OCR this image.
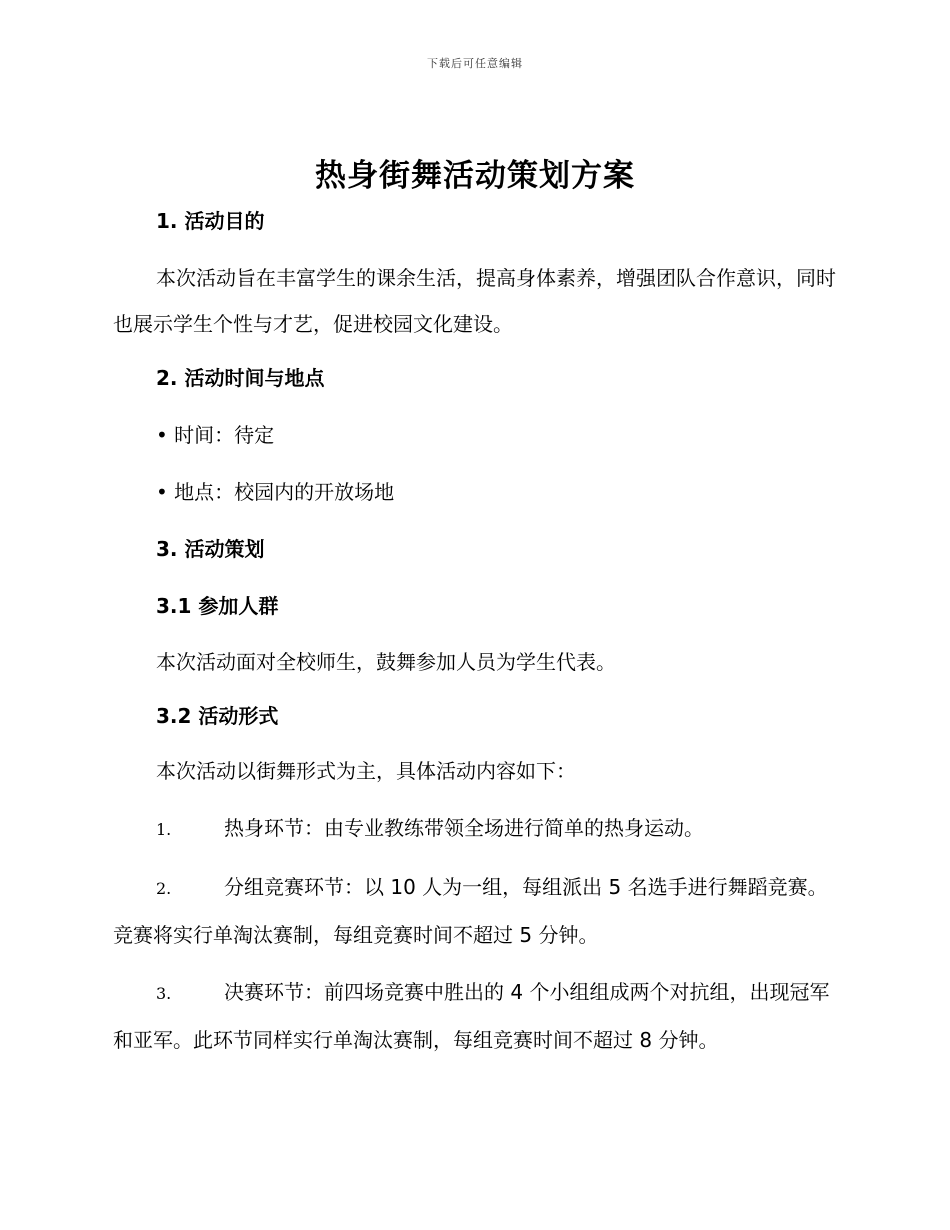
下载后可任意编辑
热身街舞活动策划方案
1. 活动目的

本次活动旨在丰富学生的课余生活，提高身体素养，增强团队合作意识，同时也展示学生个性与才艺，促进校园文化建设。

2. 活动时间与地点
• 时间：待定
• 地点：校园内的开放场地
3. 活动策划
3.1 参加人群

本次活动面对全校师生，鼓舞参加人员为学生代表。

3.2 活动形式

本次活动以街舞形式为主，具体活动内容如下：

1.	热身环节：由专业教练带领全场进行简单的热身运动。

2.	分组竞赛环节：以 10 人为一组，每组派出 5 名选手进行舞蹈竞赛。竞赛将实行单淘汰赛制，每组竞赛时间不超过 5 分钟。

3.	决赛环节：前四场竞赛中胜出的 4 个小组组成两个对抗组，出现冠军和亚军。此环节同样实行单淘汰赛制，每组竞赛时间不超过 8 分钟。
